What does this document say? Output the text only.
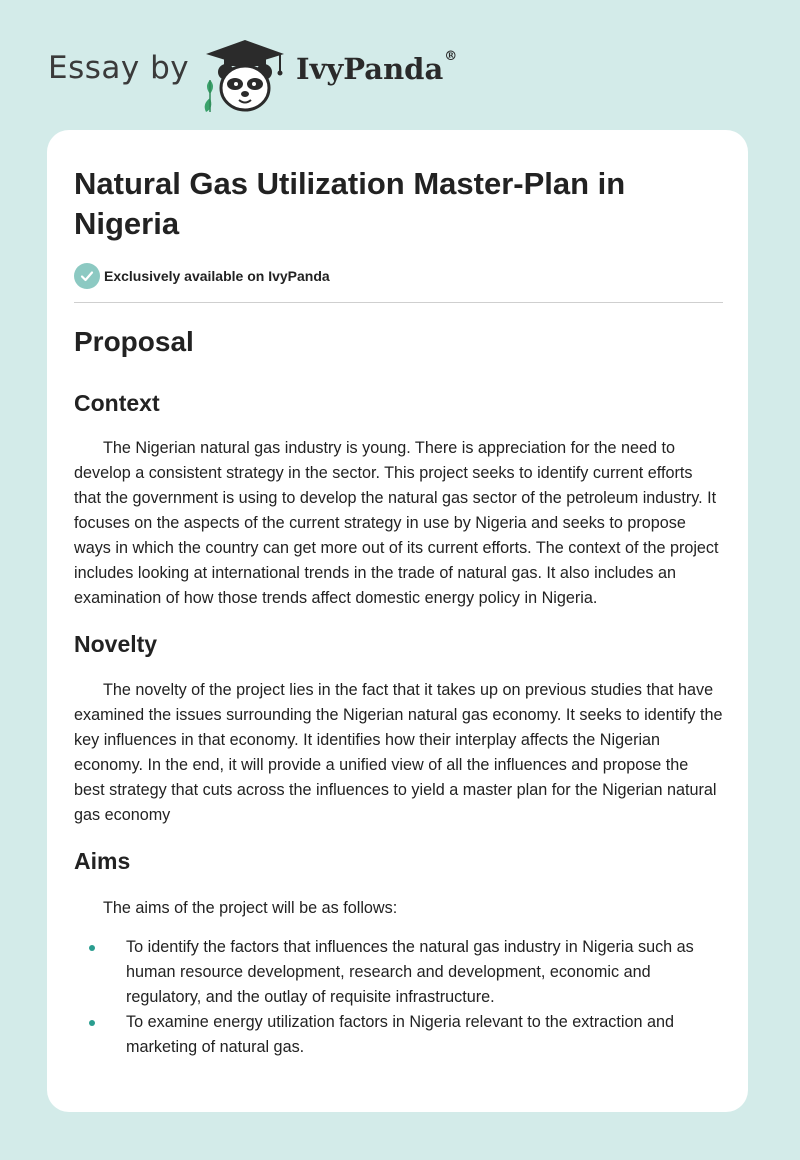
Essay by	IvyPanda®
Natural Gas Utilization Master-Plan in Nigeria
Exclusively available on IvyPanda
Proposal
Context

The Nigerian natural gas industry is young. There is appreciation for the need to develop a consistent strategy in the sector. This project seeks to identify current efforts that the government is using to develop the natural gas sector of the petroleum industry. It focuses on the aspects of the current strategy in use by Nigeria and seeks to propose ways in which the country can get more out of its current efforts. The context of the project includes looking at international trends in the trade of natural gas. It also includes an examination of how those trends affect domestic energy policy in Nigeria.

Novelty

The novelty of the project lies in the fact that it takes up on previous studies that have examined the issues surrounding the Nigerian natural gas economy. It seeks to identify the key influences in that economy. It identifies how their interplay affects the Nigerian economy. In the end, it will provide a unified view of all the influences and propose the best strategy that cuts across the influences to yield a master plan for the Nigerian natural gas economy

Aims

The aims of the project will be as follows:

To identify the factors that influences the natural gas industry in Nigeria such as human resource development, research and development, economic and regulatory, and the outlay of requisite infrastructure.
To examine energy utilization factors in Nigeria relevant to the extraction and marketing of natural gas.
